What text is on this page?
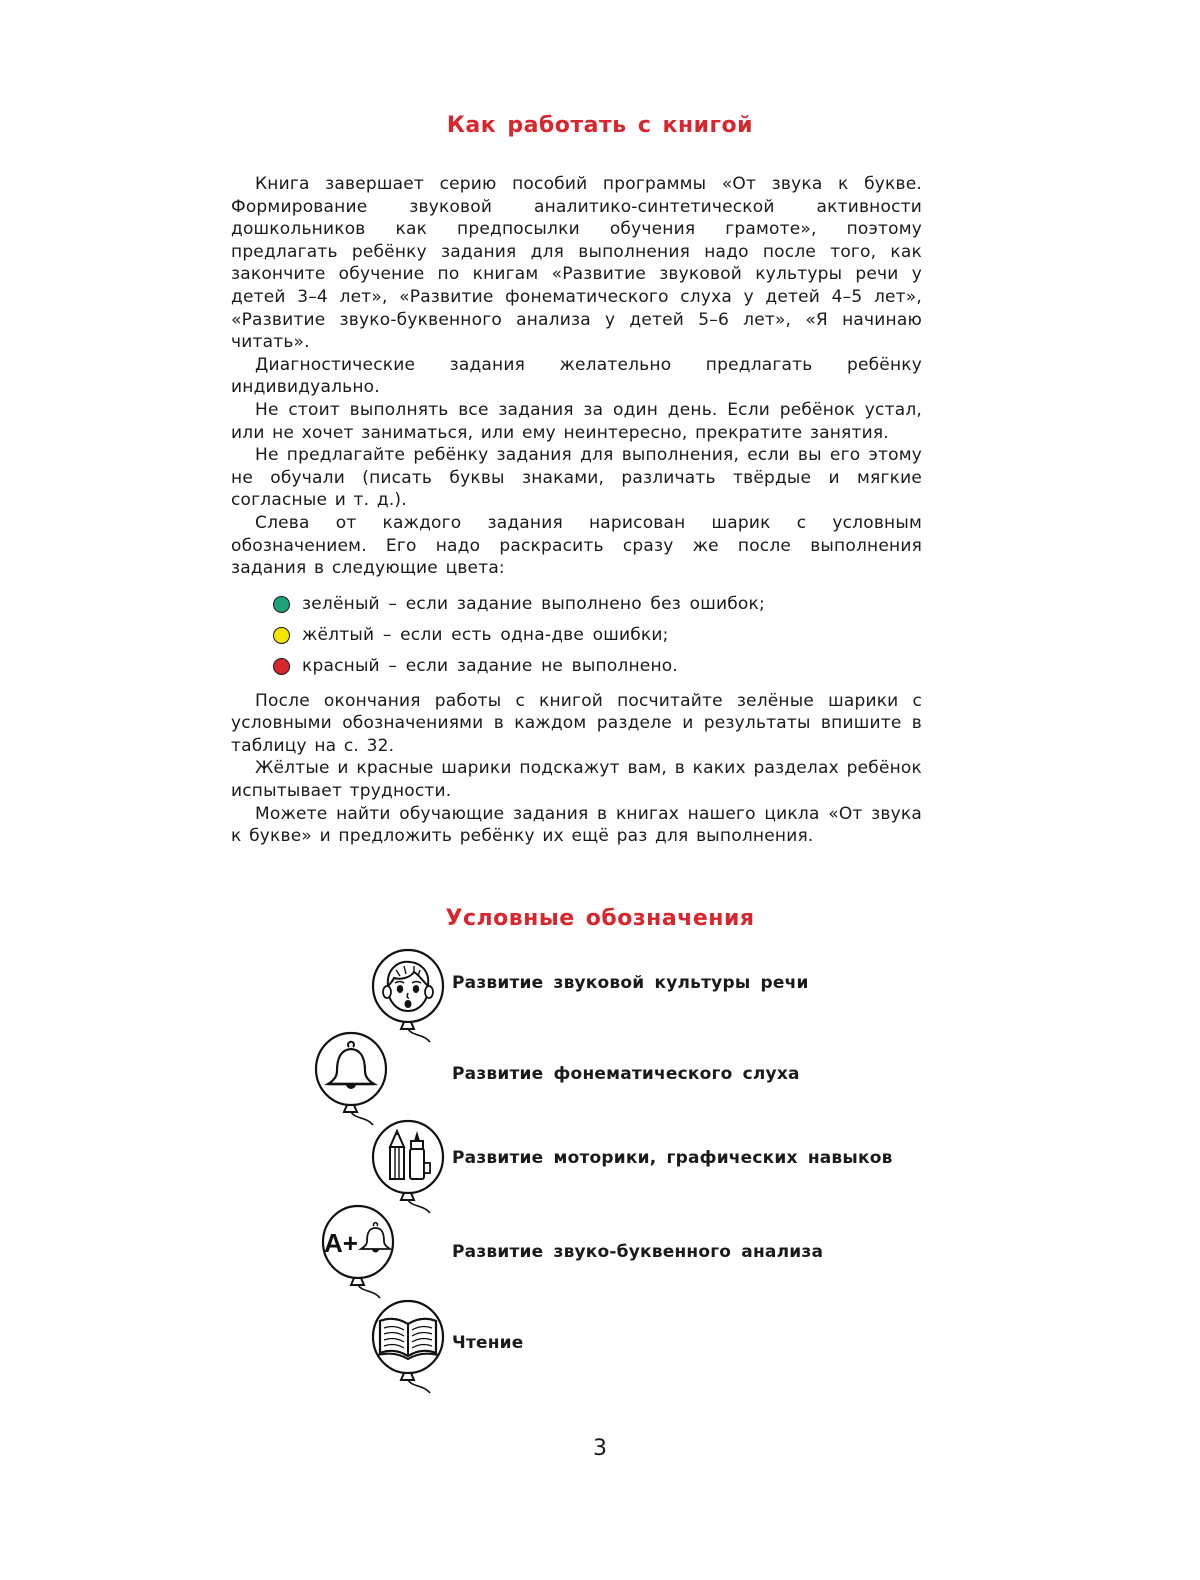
Как работать с книгой

Книга завершает серию пособий программы «От звука к букве. Формирование звуковой аналитико-синтетической активности дошкольников как предпосылки обучения грамоте», поэтому предлагать ребёнку задания для выполнения надо после того, как закончите обучение по книгам «Развитие звуковой культуры речи у детей 3–4 лет», «Развитие фонематического слуха у детей 4–5 лет», «Развитие звуко-буквенного анализа у детей 5–6 лет», «Я начинаю читать».

Диагностические задания желательно предлагать ребёнку индивидуально.

Не стоит выполнять все задания за один день. Если ребёнок устал, или не хочет заниматься, или ему неинтересно, прекратите занятия.

Не предлагайте ребёнку задания для выполнения, если вы его этому не обучали (писать буквы знаками, различать твёрдые и мягкие согласные и т. д.).

Слева от каждого задания нарисован шарик с условным обозначением. Его надо раскрасить сразу же после выполнения задания в следующие цвета:

зелёный – если задание выполнено без ошибок;
жёлтый – если есть одна-две ошибки;
красный – если задание не выполнено.

После окончания работы с книгой посчитайте зелёные шарики с условными обозначениями в каждом разделе и результаты впишите в таблицу на с. 32.

Жёлтые и красные шарики подскажут вам, в каких разделах ребёнок испытывает трудности.

Можете найти обучающие задания в книгах нашего цикла «От звука к букве» и предложить ребёнку их ещё раз для выполнения.

Условные обозначения
Развитие звуковой культуры речи
Развитие фонематического слуха
Развитие моторики, графических навыков
А+	Развитие звуко-буквенного анализа
Чтение
3
